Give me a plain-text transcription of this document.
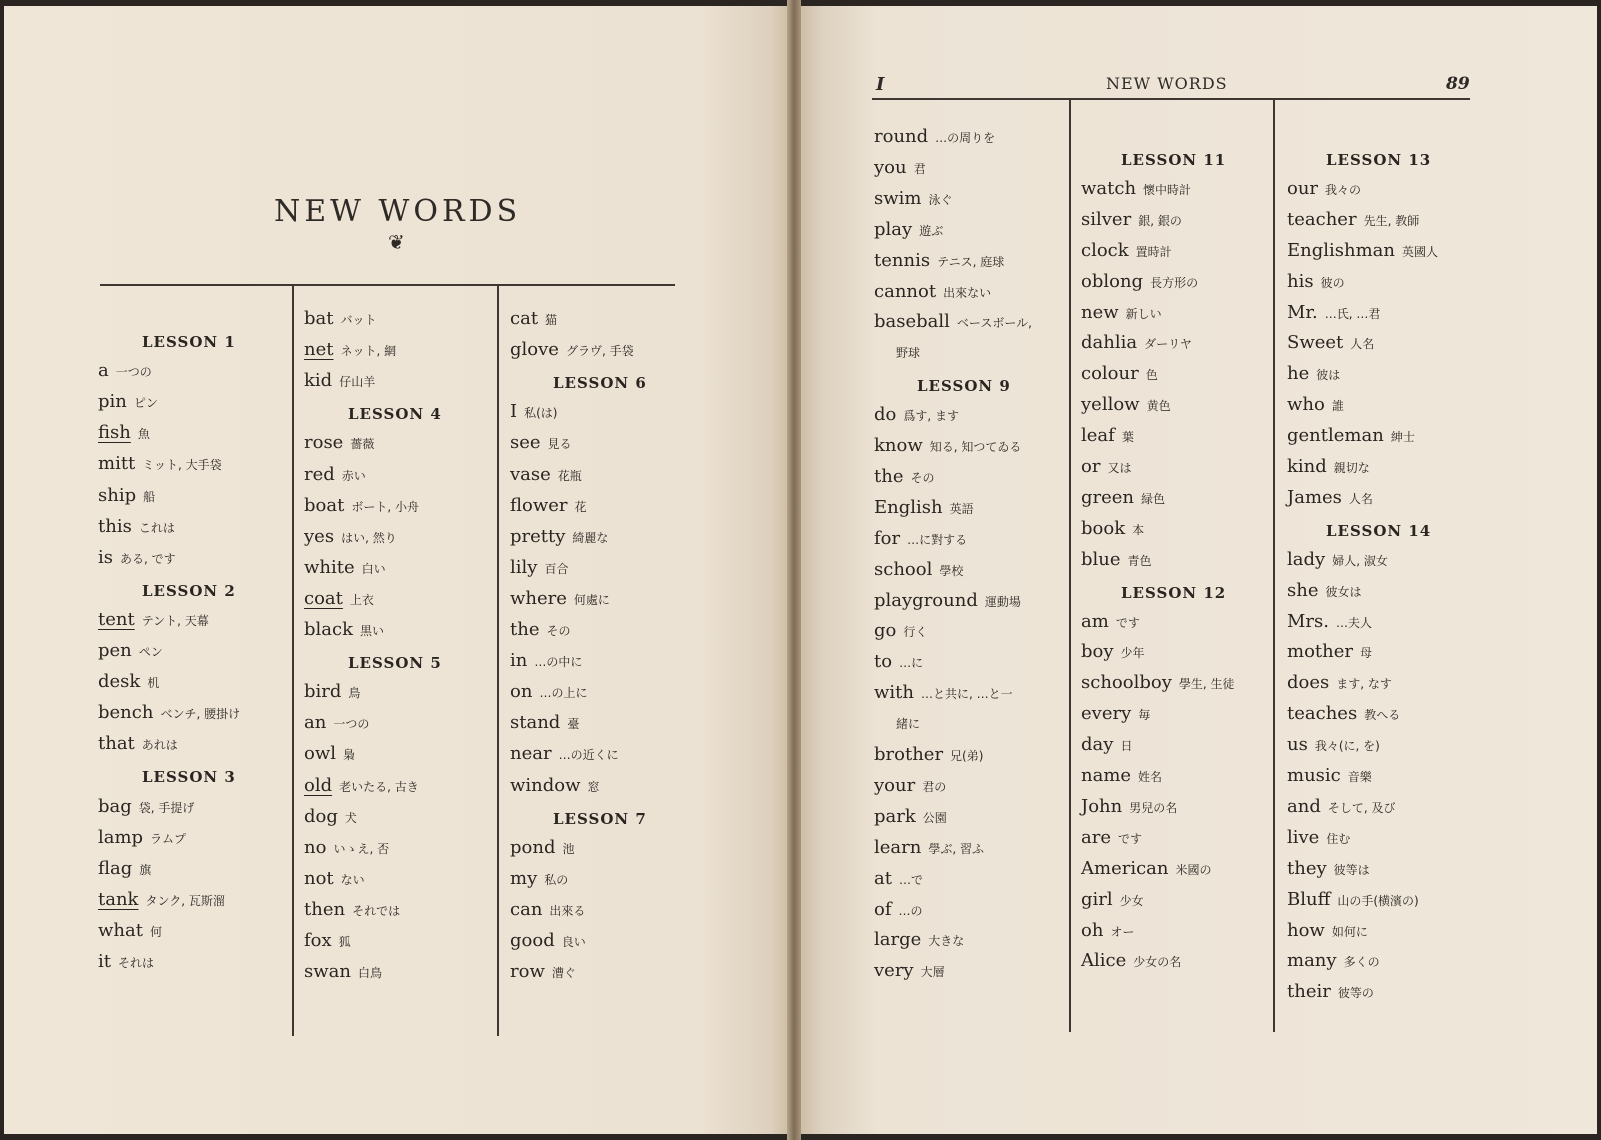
NEW WORDS
❦
I	NEW WORDS	89
LESSON 1
a一つの
pin ピン
fish 魚
mitt ミット, 大手袋
ship 船
this これは
is ある, です
LESSON 2
tent テント, 天幕
pen ペン
desk 机
bench ベンチ, 腰掛け
that あれは
LESSON 3
bag 袋, 手提げ
lamp ラムプ
flag 旗
tank タンク, 瓦斯溜
what 何
it それは
bat バット
net ネット, 網
kid 仔山羊
LESSON 4
rose 薔薇
red 赤い
boat ボート, 小舟
yes はい, 然り
white 白い
coat 上衣
black 黒い
LESSON 5
bird 鳥
an 一つの
owl 梟
old 老いたる, 古き
dog 犬
no いゝえ, 否
not ない
then それでは
fox 狐
swan 白鳥
cat 猫
glove グラヴ, 手袋
LESSON 6
I私(は)
see 見る
vase 花瓶
flower 花
pretty 綺麗な
lily 百合
where 何處に
the その
in …の中に
on …の上に
stand 臺
near …の近くに
window 窓
LESSON 7
pond 池
my 私の
can 出來る
good 良い
row 漕ぐ
round …の周りを
you 君
swim 泳ぐ
play 遊ぶ
tennis テニス, 庭球
cannot 出來ない
baseball ベースボール,
野球
LESSON 9
do 爲す, ます
know 知る, 知つてゐる
the その
English 英語
for …に對する
school 學校
playground 運動場
go 行く
to …に
with …と共に, …と一
緒に
brother 兄(弟)
your 君の
park 公園
learn 學ぶ, 習ふ
at …で
of …の
large 大きな
very 大層
LESSON 11
watch 懷中時計
silver 銀, 銀の
clock 置時計
oblong 長方形の
new 新しい
dahlia ダーリヤ
colour 色
yellow 黄色
leaf 葉
or 又は
green 緑色
book 本
blue 青色
LESSON 12
am です
boy 少年
schoolboy 學生, 生徒
every 毎
day 日
name 姓名
John 男兒の名
are です
American 米國の
girl 少女
oh オー
Alice 少女の名
LESSON 13
our 我々の
teacher 先生, 教師
Englishman 英國人
his 彼の
Mr. …氏, …君
Sweet 人名
he 彼は
who 誰
gentleman 紳士
kind 親切な
James 人名
LESSON 14
lady 婦人, 淑女
she 彼女は
Mrs. …夫人
mother 母
does ます, なす
teaches 教へる
us 我々(に, を)
music 音樂
and そして, 及び
live 住む
they 彼等は
Bluff 山の手(横濱の)
how 如何に
many 多くの
their 彼等の
